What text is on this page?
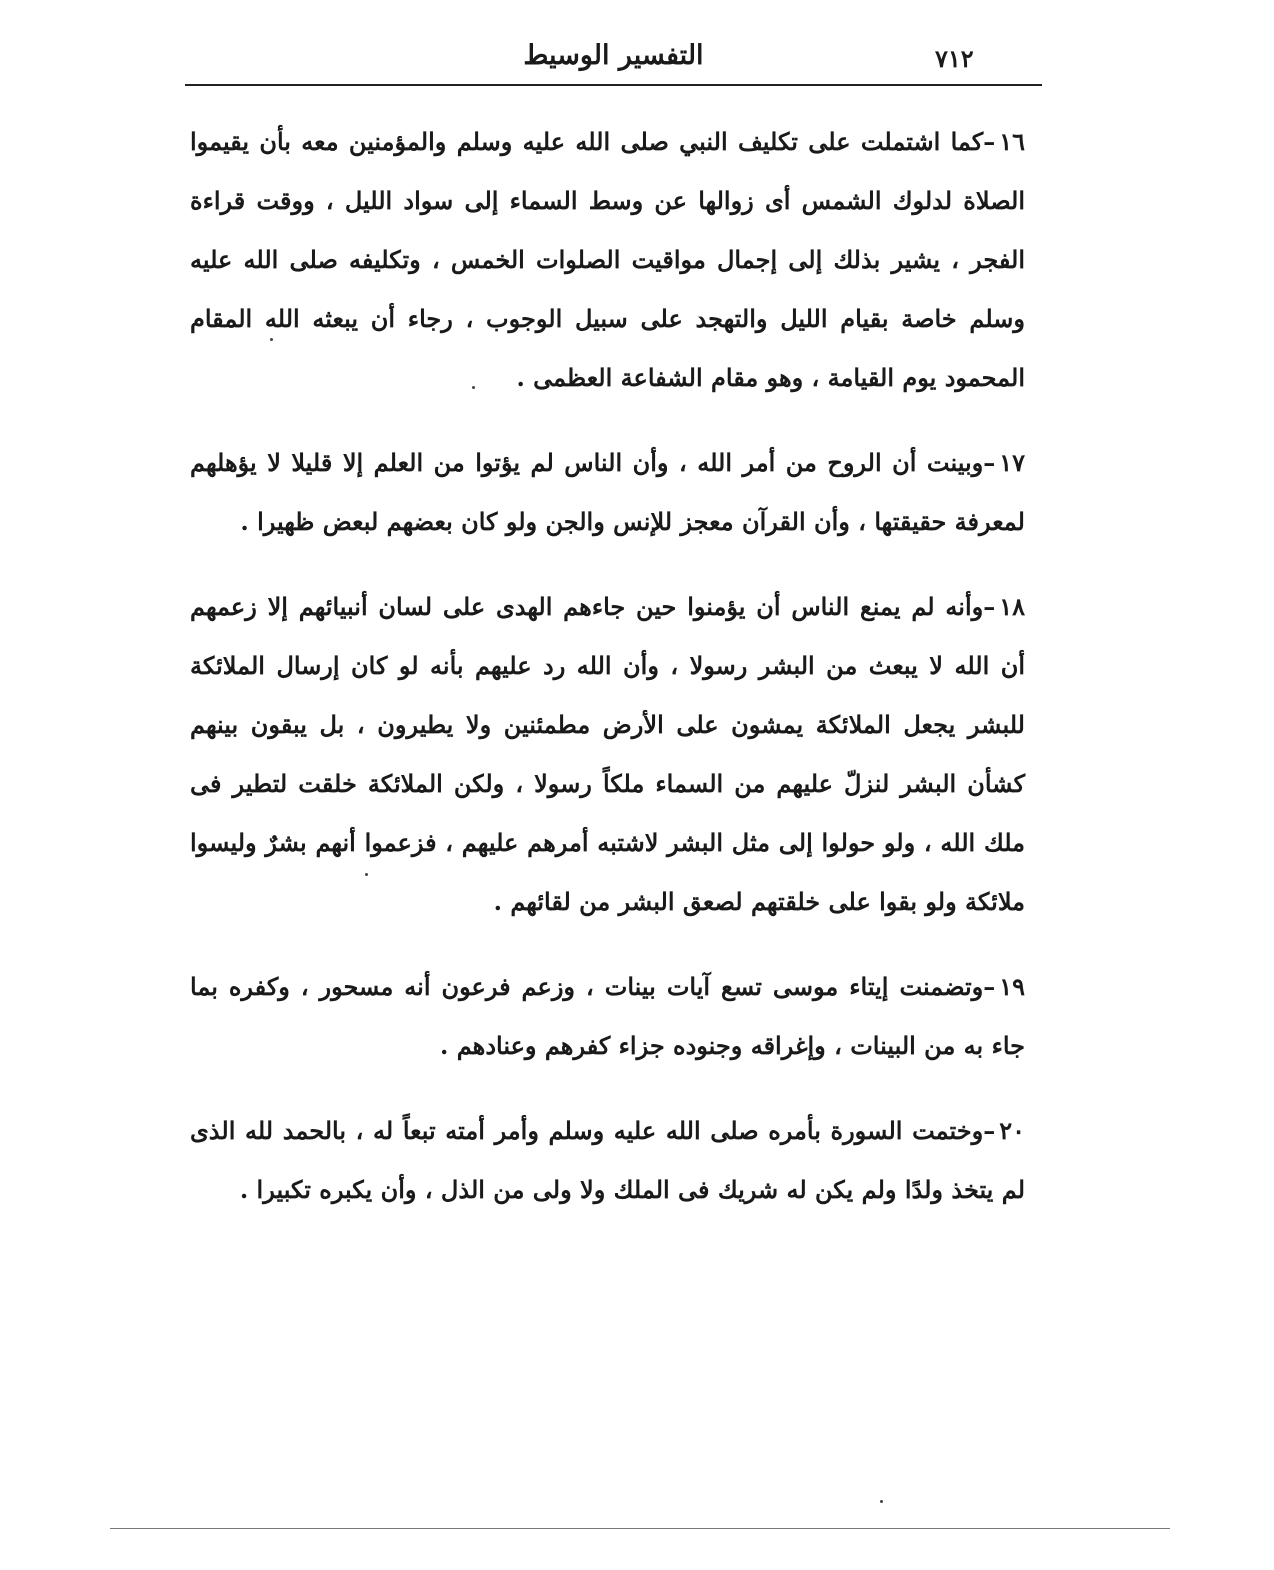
التفسير الوسيط	٧١٢

١٦–كما اشتملت على تكليف النبي صلى الله عليه وسلم والمؤمنين معه بأن يقيموا الصلاة لدلوك الشمس أى زوالها عن وسط السماء إلى سواد الليل ، ووقت قراءة الفجر ، يشير بذلك إلى إجمال مواقيت الصلوات الخمس ، وتكليفه صلى الله عليه وسلم خاصة بقيام الليل والتهجد على سبيل الوجوب ، رجاء أن يبعثه الله المقام المحمود يوم القيامة ، وهو مقام الشفاعة العظمى .

١٧–وبينت أن الروح من أمر الله ، وأن الناس لم يؤتوا من العلم إلا قليلا لا يؤهلهم لمعرفة حقيقتها ، وأن القرآن معجز للإنس والجن ولو كان بعضهم لبعض ظهيرا .

١٨–وأنه لم يمنع الناس أن يؤمنوا حين جاءهم الهدى على لسان أنبيائهم إلا زعمهم أن الله لا يبعث من البشر رسولا ، وأن الله رد عليهم بأنه لو كان إرسال الملائكة للبشر يجعل الملائكة يمشون على الأرض مطمئنين ولا يطيرون ، بل يبقون بينهم كشأن البشر لنزلّ عليهم من السماء ملكاً رسولا ، ولكن الملائكة خلقت لتطير فى ملك الله ، ولو حولوا إلى مثل البشر لاشتبه أمرهم عليهم ، فزعموا أنهم بشرٌ وليسوا ملائكة ولو بقوا على خلقتهم لصعق البشر من لقائهم .

١٩–وتضمنت إيتاء موسى تسع آيات بينات ، وزعم فرعون أنه مسحور ، وكفره بما جاء به من البينات ، وإغراقه وجنوده جزاء كفرهم وعنادهم .

٢٠–وختمت السورة بأمره صلى الله عليه وسلم وأمر أمته تبعاً له ، بالحمد لله الذى لم يتخذ ولدًا ولم يكن له شريك فى الملك ولا ولى من الذل ، وأن يكبره تكبيرا .
